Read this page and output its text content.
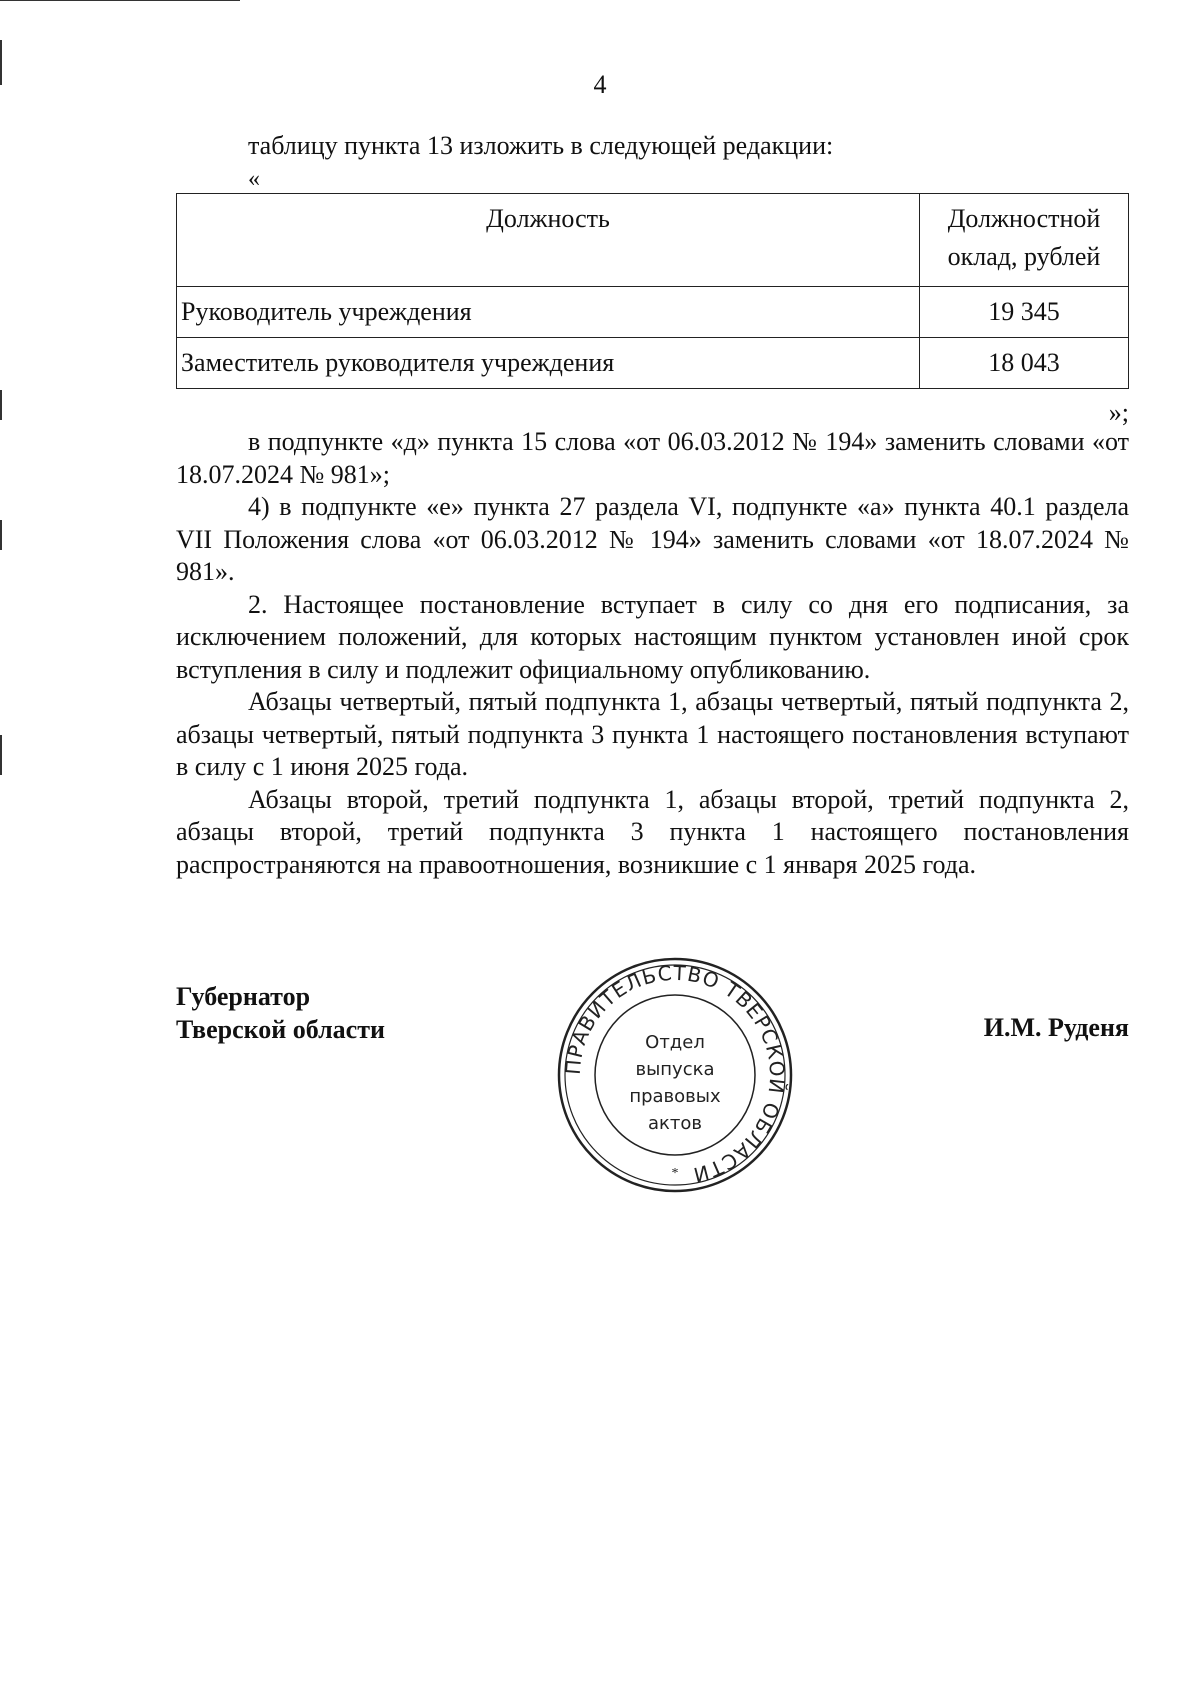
4
таблицу пункта 13 изложить в следующей редакции:
«
Должность	Должностной оклад, рублей
Руководитель учреждения	19 345
Заместитель руководителя учреждения	18 043
»;

в подпункте «д» пункта 15 слова «от 06.03.2012 № 194» заменить словами «от 18.07.2024 № 981»;

4) в подпункте «е» пункта 27 раздела VI, подпункте «а» пункта 40.1 раздела VII Положения слова «от 06.03.2012 № 194» заменить словами «от 18.07.2024 № 981».

2. Настоящее постановление вступает в силу со дня его подписания, за исключением положений, для которых настоящим пунктом установлен иной срок вступления в силу и подлежит официальному опубликованию.

Абзацы четвертый, пятый подпункта 1, абзацы четвертый, пятый подпункта 2, абзацы четвертый, пятый подпункта 3 пункта 1 настоящего постановления вступают в силу с 1 июня 2025 года.

Абзацы второй, третий подпункта 1, абзацы второй, третий подпункта 2, абзацы второй, третий подпункта 3 пункта 1 настоящего постановления распространяются на правоотношения, возникшие с 1 января 2025 года.

Губернатор
Тверской области
ПРАВИТЕЛЬСТВО ТВЕРСКОЙ ОБЛАСТИ
*
Отдел
выпуска
правовых
актов
И.М. Руденя
